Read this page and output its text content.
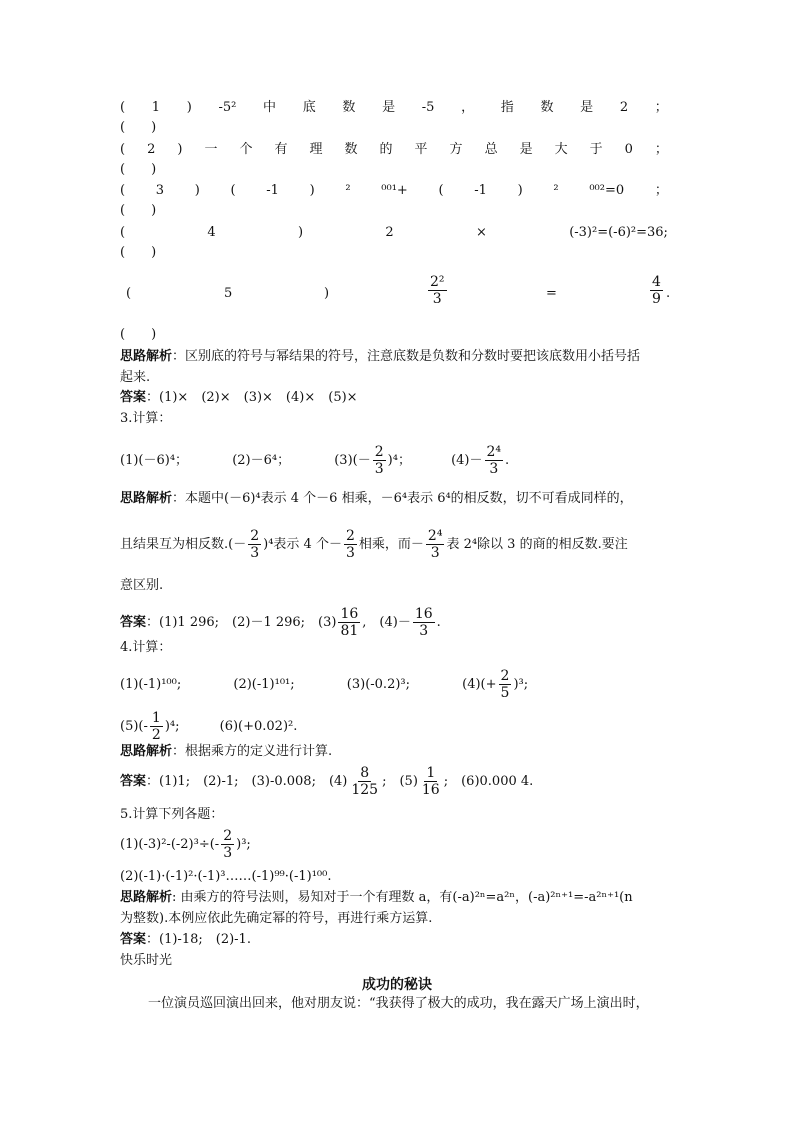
( 1 ) -5² 中 底 数 是 -5 ， 指 数 是 2 ；
(　　)
( 2 ) 一 个 有 理 数 的 平 方 总 是 大 于 0 ；
(　　)
( 3 ) ( -1 ) ² ⁰⁰¹+ ( -1 ) ² ⁰⁰²=0 ；
(　　)
(	4	)	2	×	(-3)²=(-6)²=36;
(　　)
(	5	)	$\frac{\text{2²}}{3}$	=	$\frac{4}{9}$ .
(　　)
思路解析：区别底的符号与幂结果的符号，注意底数是负数和分数时要把该底数用小括号括
起来.
答案：(1)×　(2)×　(3)×　(4)×　(5)×
3.计算：
(1)(－6)⁴；	(2)－6⁴；	$(3)(- \frac{2}{3} )^4$；	$(4)- \frac{\text{2⁴}}{3}$ .
思路解析：本题中(－6)⁴表示 4 个－6 相乘，－6⁴表示 6⁴的相反数，切不可看成同样的，
且结果互为相反数.(－ $\frac{2}{3} )^4$表示 4 个－ $\frac{2}{3}$ 相乘，而－ $\frac{\text{2⁴}}{3}$ 表 2⁴除以 3 的商的相反数.要注
意区别.
答案：(1)1 296;　(2)－1 296;　$(3) \frac{16}{81}$ ,　$(4)- \frac{16}{3}$ .
4.计算：
(1)(-1)¹⁰⁰;	(2)(-1)¹⁰¹;	(3)(-0.2)³;	$(4)(+ \frac{2}{5} )^3$;
$(5)(- \frac{1}{2} )^4$;	(6)(+0.02)².
思路解析：根据乘方的定义进行计算.
答案：(1)1;　(2)-1;　(3)-0.008;　$(4) \frac{8}{125}$ ;　$(5) \frac{1}{16}$ ;　(6)0.000 4.
5.计算下列各题：
$(1)(-3)^2-(-2)^3\div(- \frac{2}{3} )^3$;
(2)(-1)·(-1)²·(-1)³……(-1)⁹⁹·(-1)¹⁰⁰.
思路解析: 由乘方的符号法则，易知对于一个有理数 a，有(-a)²ⁿ=a²ⁿ，(-a)²ⁿ⁺¹=-a²ⁿ⁺¹(n
为整数).本例应依此先确定幂的符号，再进行乘方运算.
答案：(1)-18;　(2)-1.
快乐时光
成功的秘诀
一位演员巡回演出回来，他对朋友说：“我获得了极大的成功，我在露天广场上演出时，
